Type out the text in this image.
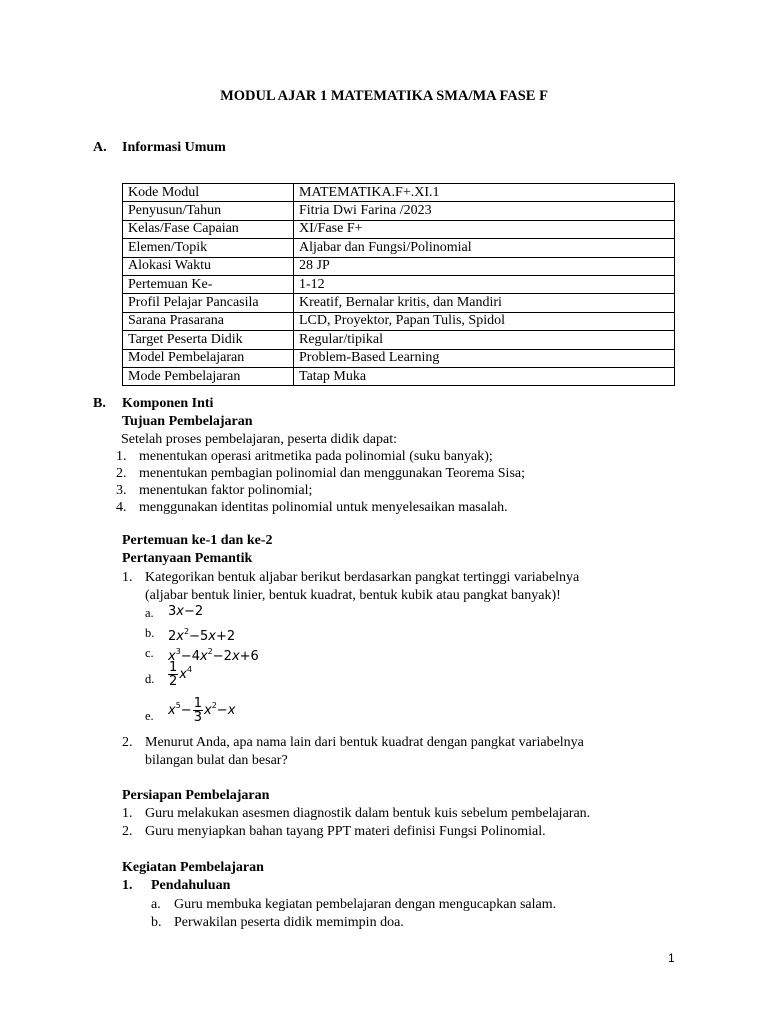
MODUL AJAR 1 MATEMATIKA SMA/MA FASE F
A. Informasi Umum
Kode Modul	MATEMATIKA.F+.XI.1
Penyusun/Tahun	Fitria Dwi Farina /2023
Kelas/Fase Capaian	XI/Fase F+
Elemen/Topik	Aljabar dan Fungsi/Polinomial
Alokasi Waktu	28 JP
Pertemuan Ke-	1-12
Profil Pelajar Pancasila	Kreatif, Bernalar kritis, dan Mandiri
Sarana Prasarana	LCD, Proyektor, Papan Tulis, Spidol
Target Peserta Didik	Regular/tipikal
Model Pembelajaran	Problem-Based Learning
Mode Pembelajaran	Tatap Muka
B. Komponen Inti
Tujuan Pembelajaran
Setelah proses pembelajaran, peserta didik dapat:
1. menentukan operasi aritmetika pada polinomial (suku banyak);
2. menentukan pembagian polinomial dan menggunakan Teorema Sisa;
3. menentukan faktor polinomial;
4. menggunakan identitas polinomial untuk menyelesaikan masalah.
Pertemuan ke-1 dan ke-2
Pertanyaan Pemantik
1. Kategorikan bentuk aljabar berikut berdasarkan pangkat tertinggi variabelnya
(aljabar bentuk linier, bentuk kuadrat, bentuk kubik atau pangkat banyak)!
a. 3x−2
b. $2x^2-5x+2$
c. $x^3-4x^2-2x+6$
d. $\frac{1}{2} x^4$
e. $x^5- \frac{1}{3} x^2-x$
2. Menurut Anda, apa nama lain dari bentuk kuadrat dengan pangkat variabelnya
bilangan bulat dan besar?
Persiapan Pembelajaran
1. Guru melakukan asesmen diagnostik dalam bentuk kuis sebelum pembelajaran.
2. Guru menyiapkan bahan tayang PPT materi definisi Fungsi Polinomial.
Kegiatan Pembelajaran
1. Pendahuluan
a. Guru membuka kegiatan pembelajaran dengan mengucapkan salam.
b. Perwakilan peserta didik memimpin doa.
1
